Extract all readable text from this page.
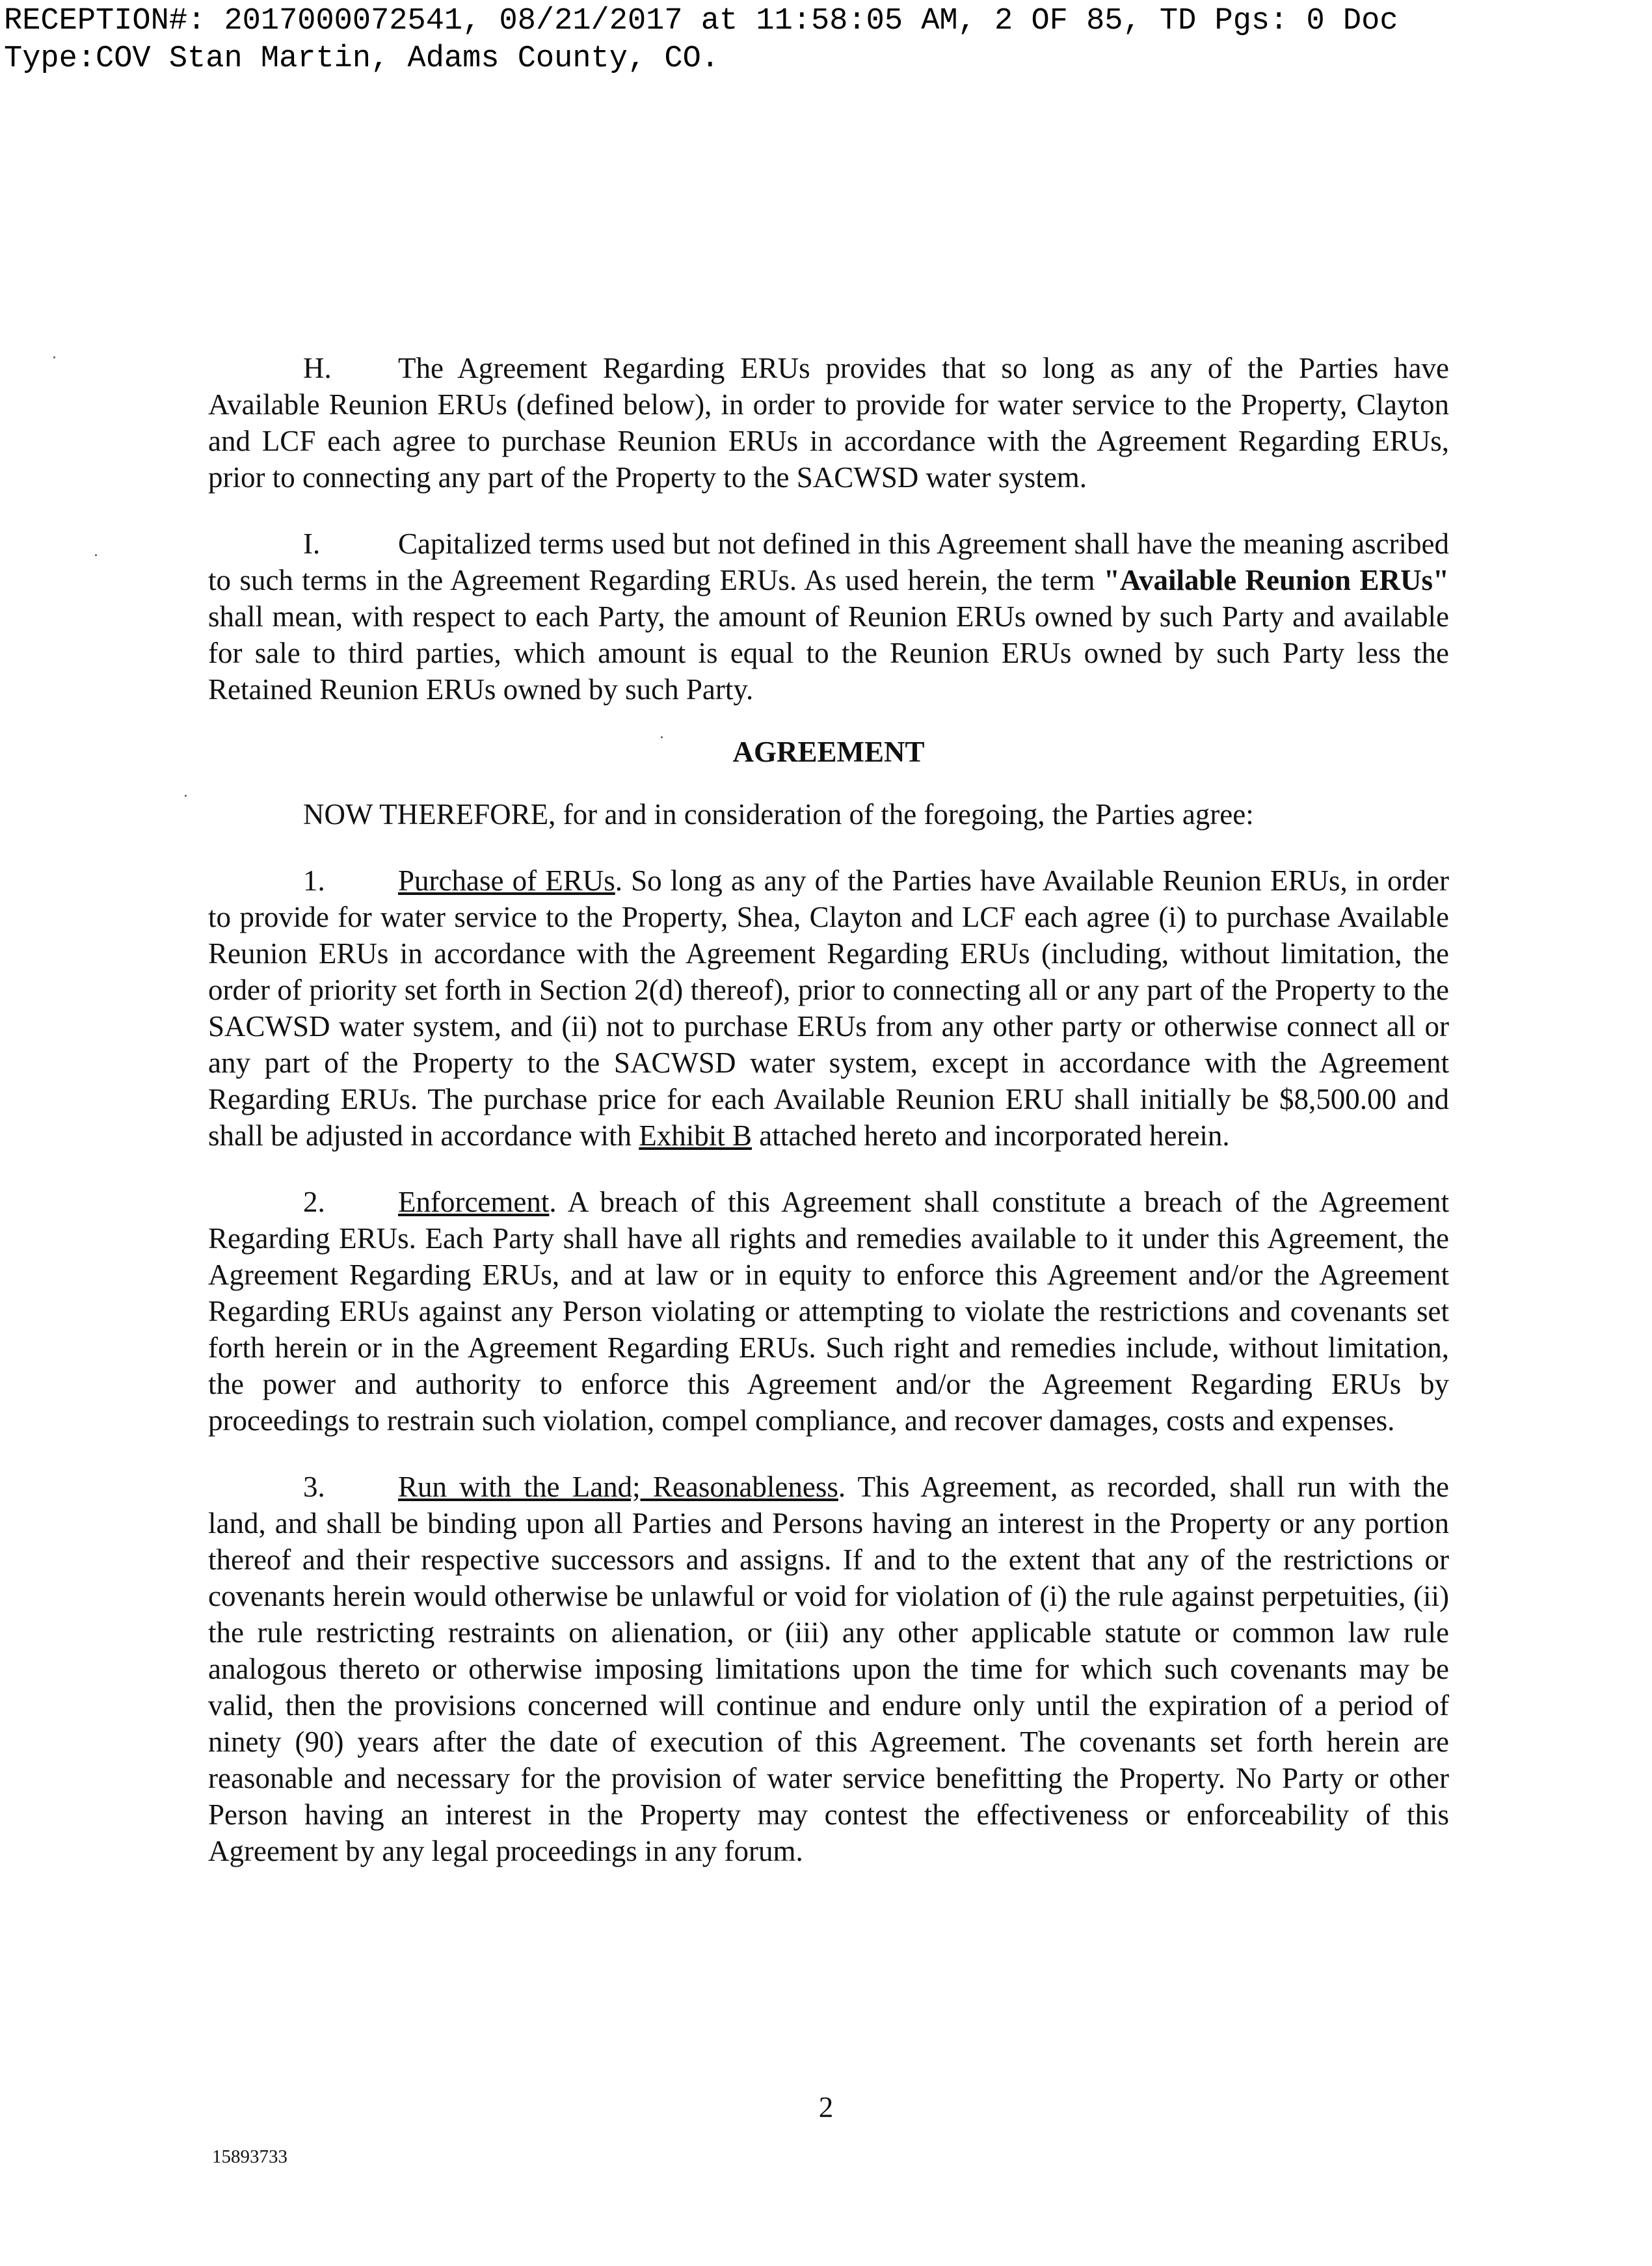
RECEPTION#: 2017000072541, 08/21/2017 at 11:58:05 AM, 2 OF 85, TD Pgs: 0 Doc
Type:COV Stan Martin, Adams County, CO.

H. The Agreement Regarding ERUs provides that so long as any of the Parties have Available Reunion ERUs (defined below), in order to provide for water service to the Property, Clayton and LCF each agree to purchase Reunion ERUs in accordance with the Agreement Regarding ERUs, prior to connecting any part of the Property to the SACWSD water system.

I.	Capitalized terms used but not defined in this Agreement shall have the meaning ascribed to such terms in the Agreement Regarding ERUs. As used herein, the term "Available Reunion ERUs" shall mean, with respect to each Party, the amount of Reunion ERUs owned by such Party and available for sale to third parties, which amount is equal to the Reunion ERUs owned by such Party less the Retained Reunion ERUs owned by such Party.

AGREEMENT

NOW THEREFORE, for and in consideration of the foregoing, the Parties agree:

1. Purchase of ERUs. So long as any of the Parties have Available Reunion ERUs, in order to provide for water service to the Property, Shea, Clayton and LCF each agree (i) to purchase Available Reunion ERUs in accordance with the Agreement Regarding ERUs (including, without limitation, the order of priority set forth in Section 2(d) thereof), prior to connecting all or any part of the Property to the SACWSD water system, and (ii) not to purchase ERUs from any other party or otherwise connect all or any part of the Property to the SACWSD water system, except in accordance with the Agreement Regarding ERUs. The purchase price for each Available Reunion ERU shall initially be $8,500.00 and shall be adjusted in accordance with Exhibit B attached hereto and incorporated herein.

2. Enforcement. A breach of this Agreement shall constitute a breach of the Agreement Regarding ERUs. Each Party shall have all rights and remedies available to it under this Agreement, the Agreement Regarding ERUs, and at law or in equity to enforce this Agreement and/or the Agreement Regarding ERUs against any Person violating or attempting to violate the restrictions and covenants set forth herein or in the Agreement Regarding ERUs. Such right and remedies include, without limitation, the power and authority to enforce this Agreement and/or the Agreement Regarding ERUs by proceedings to restrain such violation, compel compliance, and recover damages, costs and expenses.

3. Run with the Land; Reasonableness. This Agreement, as recorded, shall run with the land, and shall be binding upon all Parties and Persons having an interest in the Property or any portion thereof and their respective successors and assigns. If and to the extent that any of the restrictions or covenants herein would otherwise be unlawful or void for violation of (i) the rule against perpetuities, (ii) the rule restricting restraints on alienation, or (iii) any other applicable statute or common law rule analogous thereto or otherwise imposing limitations upon the time for which such covenants may be valid, then the provisions concerned will continue and endure only until the expiration of a period of ninety (90) years after the date of execution of this Agreement. The covenants set forth herein are reasonable and necessary for the provision of water service benefitting the Property. No Party or other Person having an interest in the Property may contest the effectiveness or enforceability of this Agreement by any legal proceedings in any forum.

2
15893733
